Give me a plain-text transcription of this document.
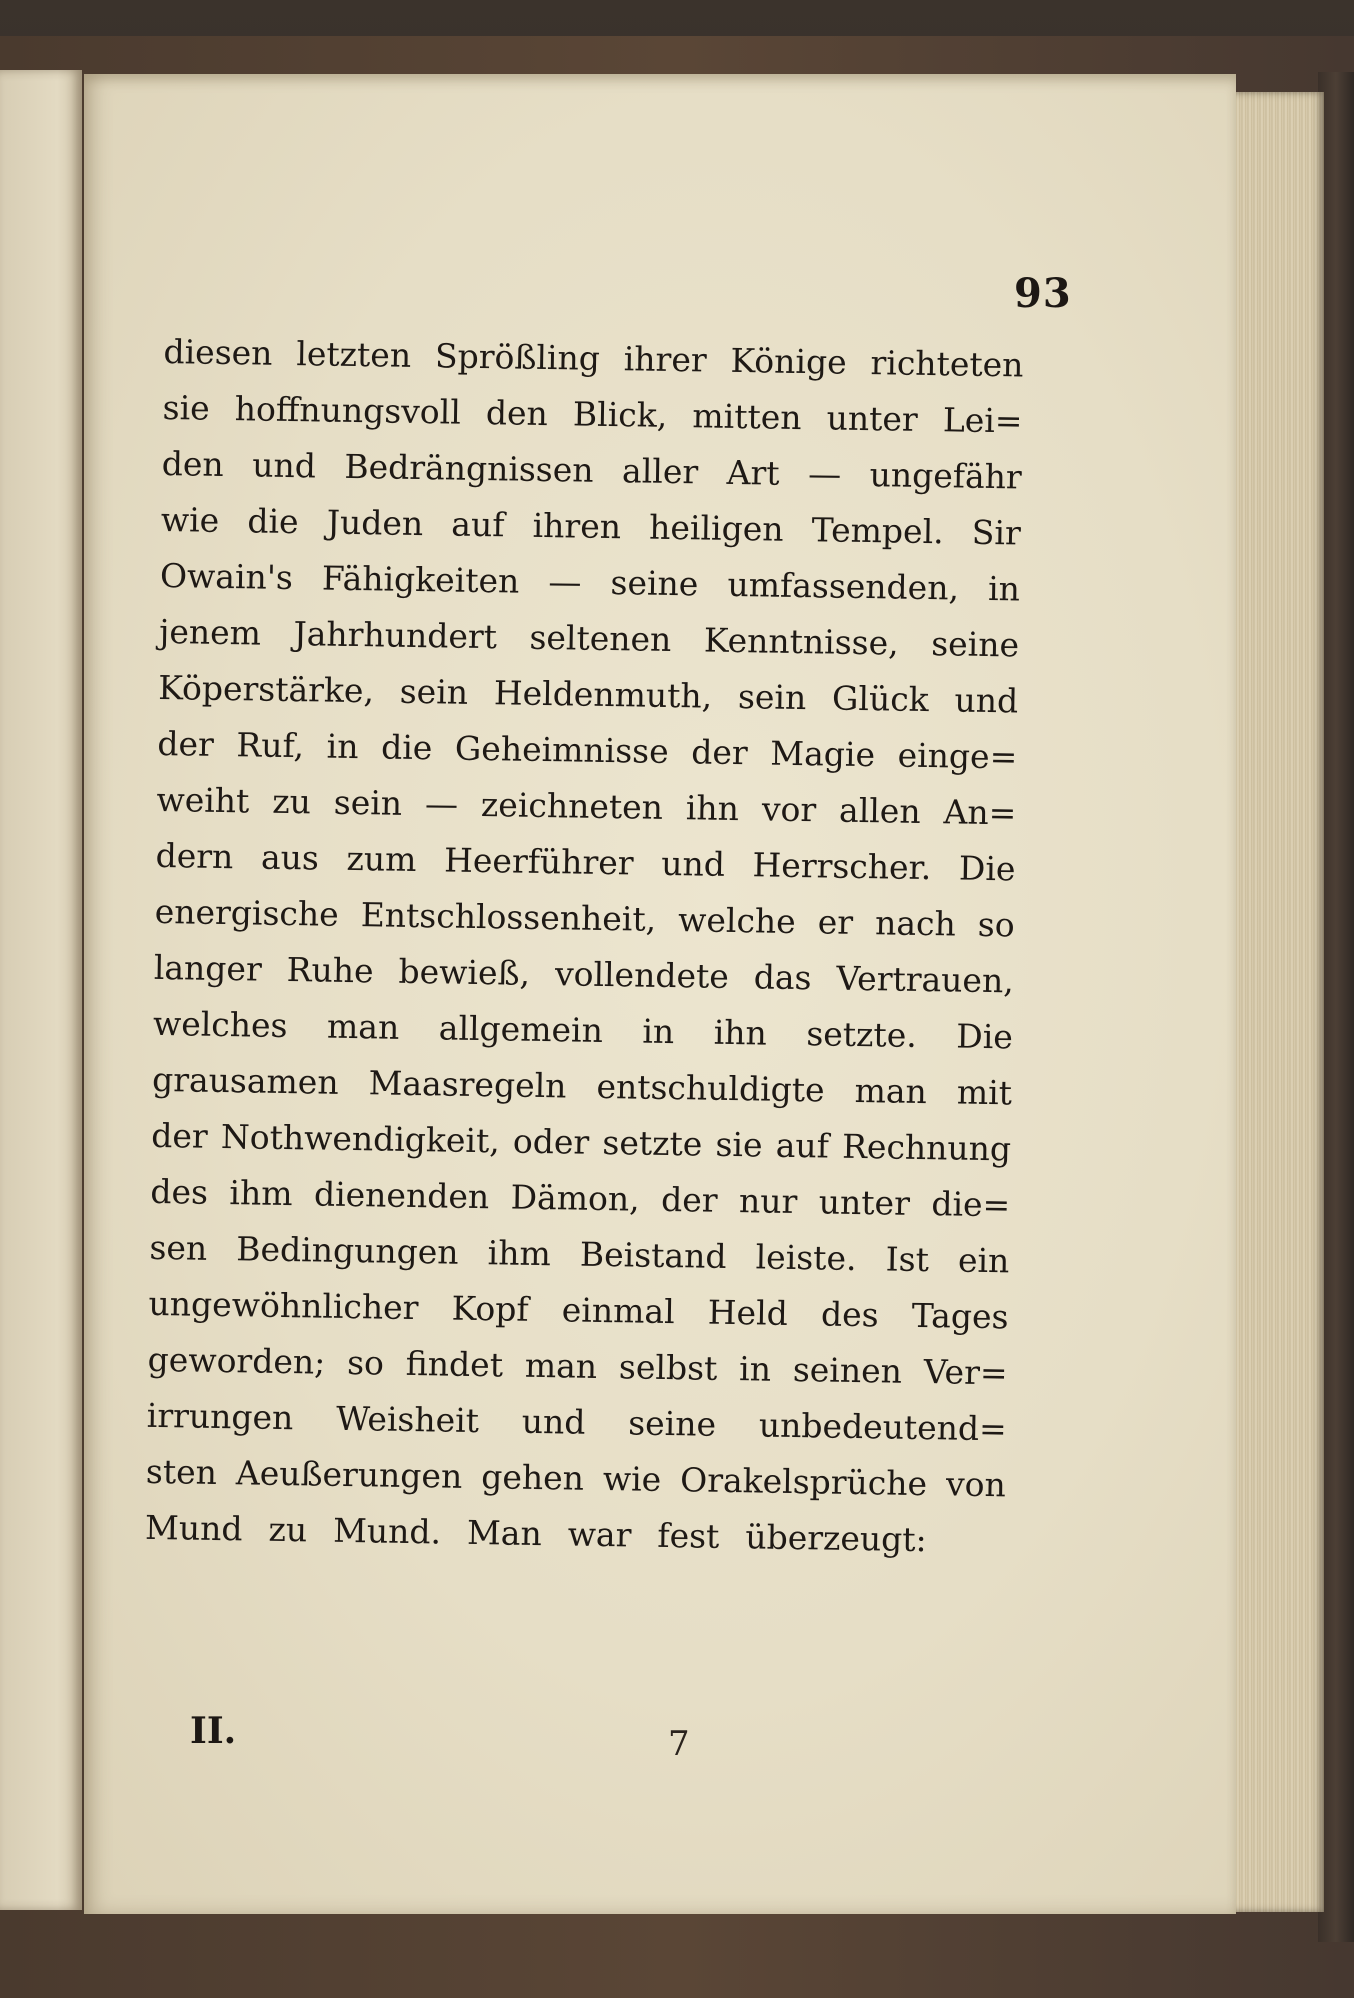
93
diesen letzten Sprößling ihrer Könige richteten
sie hoffnungsvoll den Blick, mitten unter Lei=
den und Bedrängnissen aller Art — ungefähr
wie die Juden auf ihren heiligen Tempel. Sir
Owain's Fähigkeiten — seine umfassenden, in
jenem Jahrhundert seltenen Kenntnisse, seine
Köperstärke, sein Heldenmuth, sein Glück und
der Ruf, in die Geheimnisse der Magie einge=
weiht zu sein — zeichneten ihn vor allen An=
dern aus zum Heerführer und Herrscher. Die
energische Entschlossenheit, welche er nach so
langer Ruhe bewieß, vollendete das Vertrauen,
welches man allgemein in ihn setzte. Die
grausamen Maasregeln entschuldigte man mit
der Nothwendigkeit, oder setzte sie auf Rechnung
des ihm dienenden Dämon, der nur unter die=
sen Bedingungen ihm Beistand leiste. Ist ein
ungewöhnlicher Kopf einmal Held des Tages
geworden; so findet man selbst in seinen Ver=
irrungen Weisheit und seine unbedeutend=
sten Aeußerungen gehen wie Orakelsprüche von
Mund zu Mund. Man war fest überzeugt:
II.	7
